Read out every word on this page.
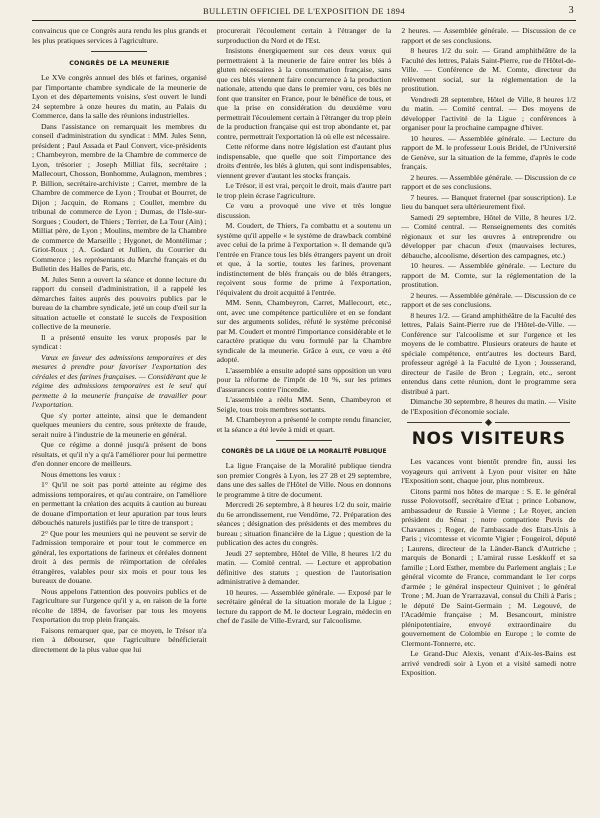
BULLETIN OFFICIEL DE L'EXPOSITION DE 1894	3

convaincus que ce Congrès aura rendu les plus grands et les plus pratiques services à l'agriculture.

CONGRÈS DE LA MEUNERIE

Le XVe congrès annuel des blés et farines, organisé par l'importante chambre syndicale de la meunerie de Lyon et des départements voisins, s'est ouvert le lundi 24 septembre à onze heures du matin, au Palais du Commerce, dans la salle des réunions industrielles.

Dans l'assistance on remarquait les membres du conseil d'administration du syndicat : MM. Jules Senn, président ; Paul Assada et Paul Convert, vice-présidents ; Chambeyron, membre de la Chambre de commerce de Lyon, trésorier ; Joseph Milliat fils, secrétaire ; Mallecourt, Chosson, Bonhomme, Aulagnon, membres ; P. Billion, secrétaire-archiviste ; Carret, membre de la Chambre de commerce de Lyon ; Troubat et Bourret, de Dijon ; Jacquin, de Romans ; Coullet, membre du tribunal de commerce de Lyon ; Dumas, de l'Isle-sur-Sorgues ; Coudert, de Thiers ; Terrier, de La Tour (Ain) ; Milliat père, de Lyon ; Moulins, membre de la Chambre de commerce de Marseille ; Hygonet, de Montélimar ; Griot-Roux ; A. Godard et Jullien, du Courrier du Commerce ; les représentants du Marché français et du Bulletin des Halles de Paris, etc.

M. Jules Senn a ouvert la séance et donne lecture du rapport du conseil d'administration, il a rappelé les démarches faites auprès des pouvoirs publics par le bureau de la chambre syndicale, jeté un coup d'œil sur la situation actuelle et constaté le succès de l'exposition collective de la meunerie.

Il a présenté ensuite les vœux proposés par le syndicat :

Vœux en faveur des admissions temporaires et des mesures à prendre pour favoriser l'exportation des céréales et des farines françaises. — Considérant que le régime des admissions temporaires est le seul qui permette à la meunerie française de travailler pour l'exportation.

Que s'y porter atteinte, ainsi que le demandent quelques meuniers du centre, sous prétexte de fraude, serait nuire à l'industrie de la meunerie en général.

Que ce régime a donné jusqu'à présent de bons résultats, et qu'il n'y a qu'à l'améliorer pour lui permettre d'en donner encore de meilleurs.

Nous émettons les vœux :

1° Qu'il ne soit pas porté atteinte au régime des admissions temporaires, et qu'au contraire, on l'améliore en permettant la création des acquits à caution au bureau de douane d'importation et leur apuration par tous leurs débouchés naturels justifiés par le titre de transport ;

2° Que pour les meuniers qui ne peuvent se servir de l'admission temporaire et pour tout le commerce en général, les exportations de farineux et céréales donnent droit à des permis de réimportation de céréales étrangères, valables pour six mois et pour tous les bureaux de douane.

Nous appelons l'attention des pouvoirs publics et de l'agriculture sur l'urgence qu'il y a, en raison de la forte récolte de 1894, de favoriser par tous les moyens l'exportation du trop plein français.

Faisons remarquer que, par ce moyen, le Trésor n'a rien à débourser, que l'agriculture bénéficierait directement de la plus value que lui

procurerait l'écoulement certain à l'étranger de la surproduction du Nord et de l'Est.

Insistons énergiquement sur ces deux vœux qui permettraient à la meunerie de faire entrer les blés à gluten nécessaires à la consommation française, sans que ces blés viennent faire concurrence à la production nationale, attendu que dans le premier vœu, ces blés ne font que transiter en France, pour le bénéfice de tous, et que la prise en considération du deuxième vœu permettrait l'écoulement certain à l'étranger du trop plein de la production française qui est trop abondante et, par contre, permettrait l'exportation là où elle est nécessaire.

Cette réforme dans notre législation est d'autant plus indispensable, que quelle que soit l'importance des droits d'entrée, les blés à gluten, qui sont indispensables, viennent grever d'autant les stocks français.

Le Trésor, il est vrai, perçoit le droit, mais d'autre part le trop plein écrase l'agriculture.

Ce vœu a provoqué une vive et très longue discussion.

M. Coudert, de Thiers, l'a combattu et a soutenu un système qu'il appelle « le système de drawback combiné avec celui de la prime à l'exportation ». Il demande qu'à l'entrée en France tous les blés étrangers payent un droit et que, à la sortie, toutes les farines, provenant indistinctement de blés français ou de blés étrangers, reçoivent sous forme de prime à l'exportation, l'équivalent du droit acquitté à l'entrée.

MM. Senn, Chambeyron, Carret, Mallecourt, etc., ont, avec une compétence particulière et en se fondant sur des arguments solides, réfuté le système préconisé par M. Coudert et montré l'importance considérable et le caractère pratique du vœu formulé par la Chambre syndicale de la meunerie. Grâce à eux, ce vœu a été adopté.

L'assemblée a ensuite adopté sans opposition un vœu pour la réforme de l'impôt de 10 %, sur les primes d'assurances contre l'incendie.

L'assemblée a réélu MM. Senn, Chambeyron et Seigle, tous trois membres sortants.

M. Chambeyron a présenté le compte rendu financier, et la séance a été levée à midi et quart.

CONGRÈS DE LA LIGUE DE LA MORALITÉ PUBLIQUE

La ligue Française de la Moralité publique tiendra son premier Congrès à Lyon, les 27 28 et 29 septembre, dans une des salles de l'Hôtel de Ville. Nous en donnons le programme à titre de document.

Mercredi 26 septembre, à 8 heures 1/2 du soir, mairie du 6e arrondissement, rue Vendôme, 72. Préparation des séances ; désignation des présidents et des membres du bureau ; situation financière de la Ligue ; question de la publication des actes du congrès.

Jeudi 27 septembre, Hôtel de Ville, 8 heures 1/2 du matin. — Comité central. — Lecture et approbation définitive des statuts ; question de l'autorisation administrative à demander.

10 heures. — Assemblée générale. — Exposé par le secrétaire général de la situation morale de la Ligue ; lecture du rapport de M. le docteur Legrain, médecin en chef de l'asile de Ville-Evrard, sur l'alcoolisme.

2 heures. — Assemblée générale. — Discussion de ce rapport et de ses conclusions.

8 heures 1/2 du soir. — Grand amphithéâtre de la Faculté des lettres, Palais Saint-Pierre, rue de l'Hôtel-de-Ville. — Conférence de M. Comte, directeur du relèvement social, sur la réglementation de la prostitution.

Vendredi 28 septembre, Hôtel de Ville, 8 heures 1/2 du matin. — Comité central. — Des moyens de développer l'activité de la Ligue ; conférences à organiser pour la prochaine campagne d'hiver.

10 heures. — Assemblée générale. — Lecture du rapport de M. le professeur Louis Bridel, de l'Université de Genève, sur la situation de la femme, d'après le code français.

2 heures. — Assemblée générale. — Discussion de ce rapport et de ses conclusions.

7 heures. — Banquet fraternel (par souscription). Le lieu du banquet sera ultérieurement fixé.

Samedi 29 septembre, Hôtel de Ville, 8 heures 1/2. — Comité central. — Renseignements des comités régionaux et sur les œuvres à entreprendre ou développer par chacun d'eux (mauvaises lectures, débauche, alcoolisme, désertion des campagnes, etc.)

10 heures. — Assemblée générale. — Lecture du rapport de M. Comte, sur la réglementation de la prostitution.

2 heures. — Assemblée générale. — Discussion de ce rapport et de ses conclusions.

8 heures 1/2. — Grand amphithéâtre de la Faculté des lettres, Palais Saint-Pierre rue de l'Hôtel-de-Ville. — Conférence sur l'alcoolisme et sur l'urgence et les moyens de le combattre. Plusieurs orateurs de haute et spéciale compétence, entr'autres les docteurs Bard, professeur agrégé à la Faculté de Lyon ; Jousserand, directeur de l'asile de Bron ; Legrain, etc., seront entendus dans cette réunion, dont le programme sera distribué à part.

Dimanche 30 septembre, 8 heures du matin. — Visite de l'Exposition d'économie sociale.

NOS VISITEURS

Les vacances vont bientôt prendre fin, aussi les voyageurs qui arrivent à Lyon pour visiter en hâte l'Exposition sont, chaque jour, plus nombreux.

Citons parmi nos hôtes de marque : S. E. le général russe Polovotsoff, secrétaire d'Etat ; prince Lobanow, ambassadeur de Russie à Vienne ; Le Royer, ancien président du Sénat ; notre compatriote Puvis de Chavannes ; Roger, de l'ambassade des Etats-Unis à Paris ; vicomtesse et vicomte Vigier ; Fougeirol, député ; Laurens, directeur de la Länder-Banck d'Autriche ; marquis de Bonardi ; L'amiral russe Leskkoff et sa famille ; Lord Esther, membre du Parlement anglais ; Le général vicomte de France, commandant le 1er corps d'armée ; le général inspecteur Quinivet ; le général Trone ; M. Juan de Yrarrazaval, consul du Chili à Paris ; le député De Saint-Germain ; M. Legouvé, de l'Académie française ; M. Besancourt, ministre plénipotentiaire, envoyé extraordinaire du gouvernement de Colombie en Europe ; le comte de Clermont-Tonnerre, etc.

Le Grand-Duc Alexis, venant d'Aix-les-Bains est arrivé vendredi soir à Lyon et a visité samedi notre Exposition.
